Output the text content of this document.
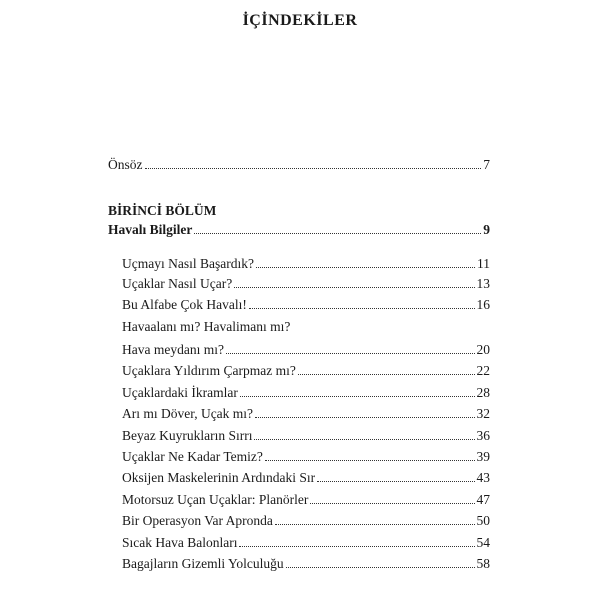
İÇİNDEKİLER
Önsöz	7
BİRİNCİ BÖLÜM
Havalı Bilgiler	9
Uçmayı Nasıl Başardık?	11
Uçaklar Nasıl Uçar?	13
Bu Alfabe Çok Havalı!	16
Havaalanı mı? Havalimanı mı?
Hava meydanı mı?	20
Uçaklara Yıldırım Çarpmaz mı?	22
Uçaklardaki İkramlar	28
Arı mı Döver, Uçak mı?	32
Beyaz Kuyrukların Sırrı	36
Uçaklar Ne Kadar Temiz?	39
Oksijen Maskelerinin Ardındaki Sır	43
Motorsuz Uçan Uçaklar: Planörler	47
Bir Operasyon Var Apronda	50
Sıcak Hava Balonları	54
Bagajların Gizemli Yolculuğu	58
